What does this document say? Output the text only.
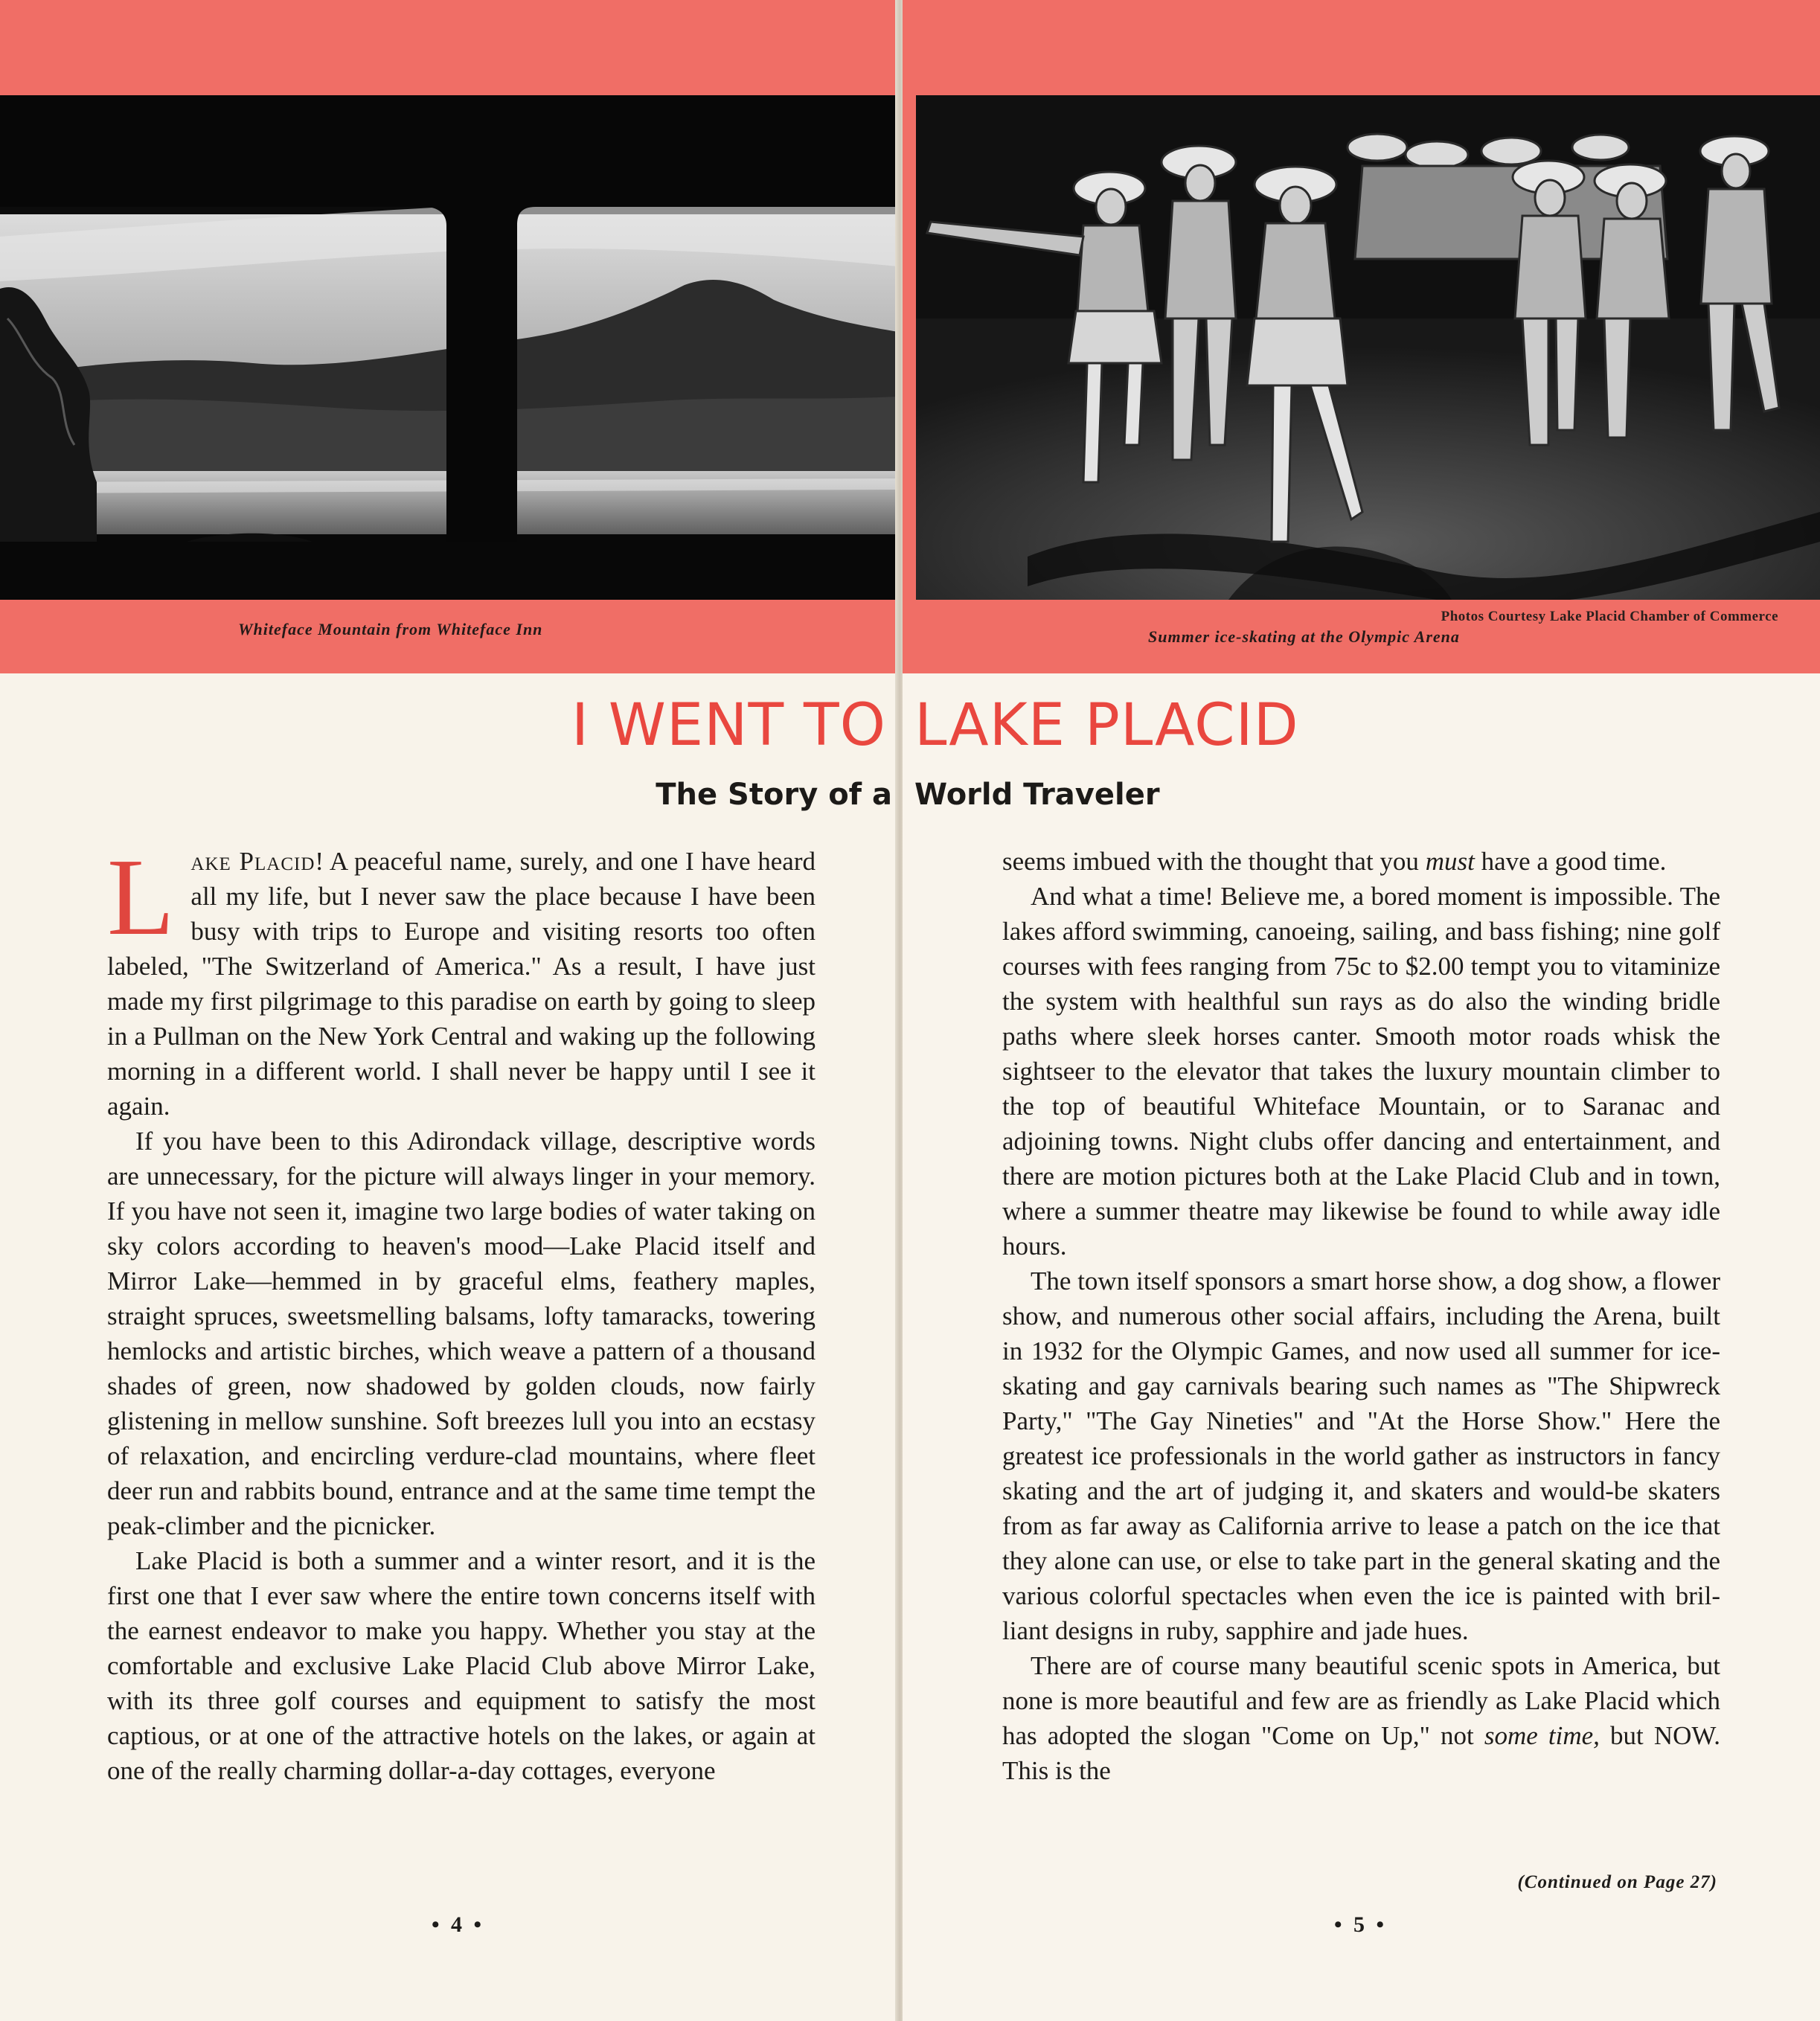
Whiteface Mountain from Whiteface Inn
I WENT TO
The Story of a

Lake Placid! A peaceful name, surely, and one I have heard all my life, but I never saw the place because I have been busy with trips to Europe and visiting resorts too often labeled, "The Switzerland of America." As a result, I have just made my first pilgrimage to this paradise on earth by going to sleep in a Pullman on the New York Central and waking up the following morning in a different world. I shall never be happy until I see it again.

If you have been to this Adirondack village, descriptive words are unnecessary, for the picture will always linger in your memory. If you have not seen it, imagine two large bodies of water taking on sky colors according to heaven's mood—Lake Placid itself and Mirror Lake—hemmed in by graceful elms, feathery maples, straight spruces, sweetsmelling balsams, lofty tamaracks, towering hemlocks and artistic birches, which weave a pattern of a thousand shades of green, now shadowed by golden clouds, now fairly glistening in mellow sunshine. Soft breezes lull you into an ecstasy of relaxation, and encircling verdure-clad mountains, where fleet deer run and rabbits bound, entrance and at the same time tempt the peak-climber and the picnicker.

Lake Placid is both a summer and a winter resort, and it is the first one that I ever saw where the entire town concerns itself with the earnest endeavor to make you happy. Whether you stay at the comfortable and exclusive Lake Placid Club above Mirror Lake, with its three golf courses and equipment to satisfy the most captious, or at one of the attractive hotels on the lakes, or again at one of the really charming dollar-a-day cottages, everyone

• 4 •
Photos Courtesy Lake Placid Chamber of Commerce
Summer ice-skating at the Olympic Arena
LAKE PLACID
World Traveler

seems imbued with the thought that you must have a good time.

And what a time! Believe me, a bored moment is impossible. The lakes afford swimming, canoeing, sailing, and bass fishing; nine golf courses with fees ranging from 75c to $2.00 tempt you to vitaminize the system with healthful sun rays as do also the winding bridle paths where sleek horses canter. Smooth motor roads whisk the sightseer to the elevator that takes the luxury mountain climber to the top of beautiful Whiteface Mountain, or to Saranac and adjoining towns. Night clubs offer dancing and entertainment, and there are motion pictures both at the Lake Placid Club and in town, where a summer theatre may likewise be found to while away idle hours.

The town itself sponsors a smart horse show, a dog show, a flower show, and numerous other social affairs, including the Arena, built in 1932 for the Olympic Games, and now used all summer for ice-skating and gay carnivals bearing such names as "The Shipwreck Party," "The Gay Nineties" and "At the Horse Show." Here the greatest ice professionals in the world gather as instructors in fancy skating and the art of judging it, and skaters and would-be skaters from as far away as California arrive to lease a patch on the ice that they alone can use, or else to take part in the general skating and the various colorful spectacles when even the ice is painted with brilliant designs in ruby, sapphire and jade hues.

There are of course many beautiful scenic spots in America, but none is more beautiful and few are as friendly as Lake Placid which has adopted the slogan "Come on Up," not some time, but NOW. This is the

(Continued on Page 27)
• 5 •
